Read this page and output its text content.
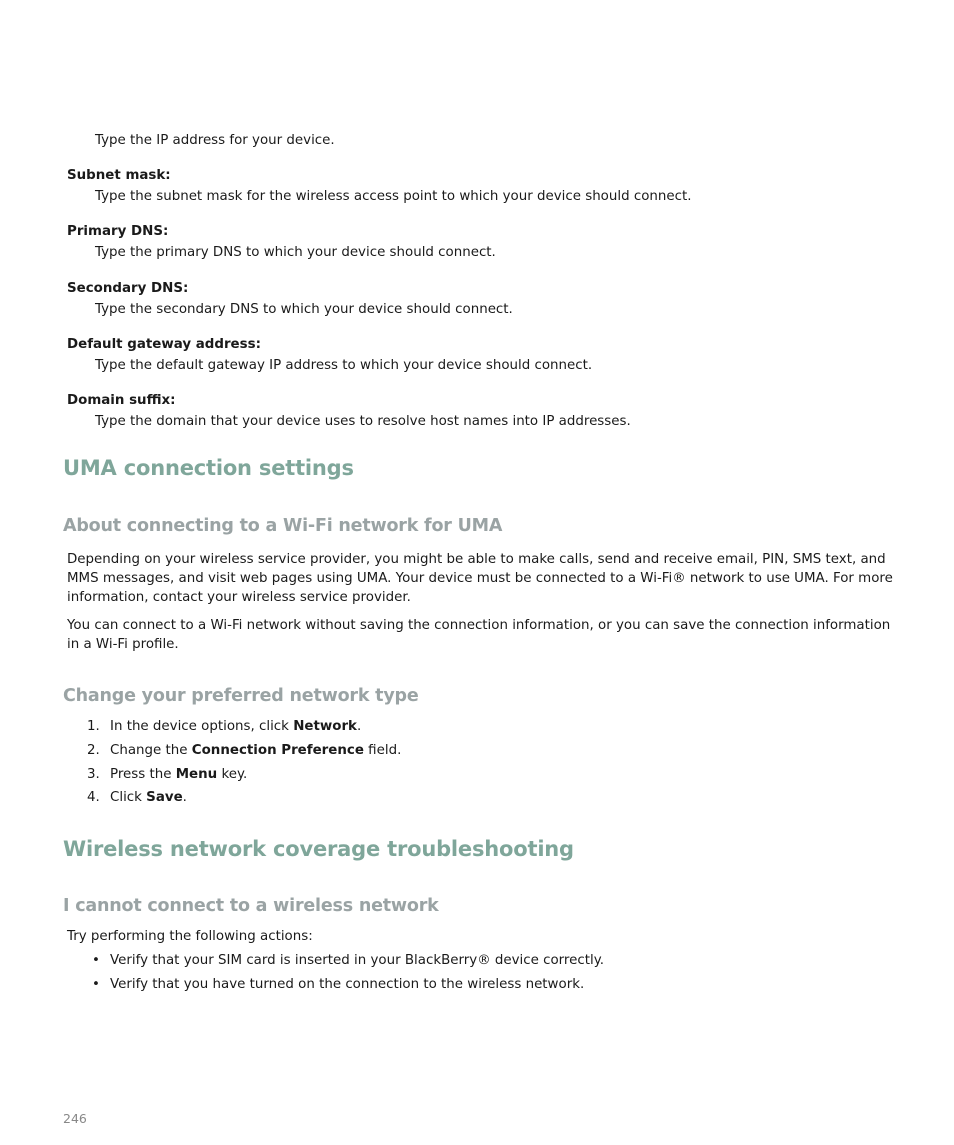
Type the IP address for your device.
Subnet mask:
Type the subnet mask for the wireless access point to which your device should connect.
Primary DNS:
Type the primary DNS to which your device should connect.
Secondary DNS:
Type the secondary DNS to which your device should connect.
Default gateway address:
Type the default gateway IP address to which your device should connect.
Domain suffix:
Type the domain that your device uses to resolve host names into IP addresses.
UMA connection settings
About connecting to a Wi-Fi network for UMA
Depending on your wireless service provider, you might be able to make calls, send and receive email, PIN, SMS text, and MMS messages, and visit web pages using UMA. Your device must be connected to a Wi-Fi® network to use UMA. For more information, contact your wireless service provider.
You can connect to a Wi-Fi network without saving the connection information, or you can save the connection information in a Wi-Fi profile.
Change your preferred network type
1. In the device options, click Network.
2. Change the Connection Preference field.
3. Press the Menu key.
4. Click Save.
Wireless network coverage troubleshooting
I cannot connect to a wireless network
Try performing the following actions:
• Verify that your SIM card is inserted in your BlackBerry® device correctly.
• Verify that you have turned on the connection to the wireless network.
246
